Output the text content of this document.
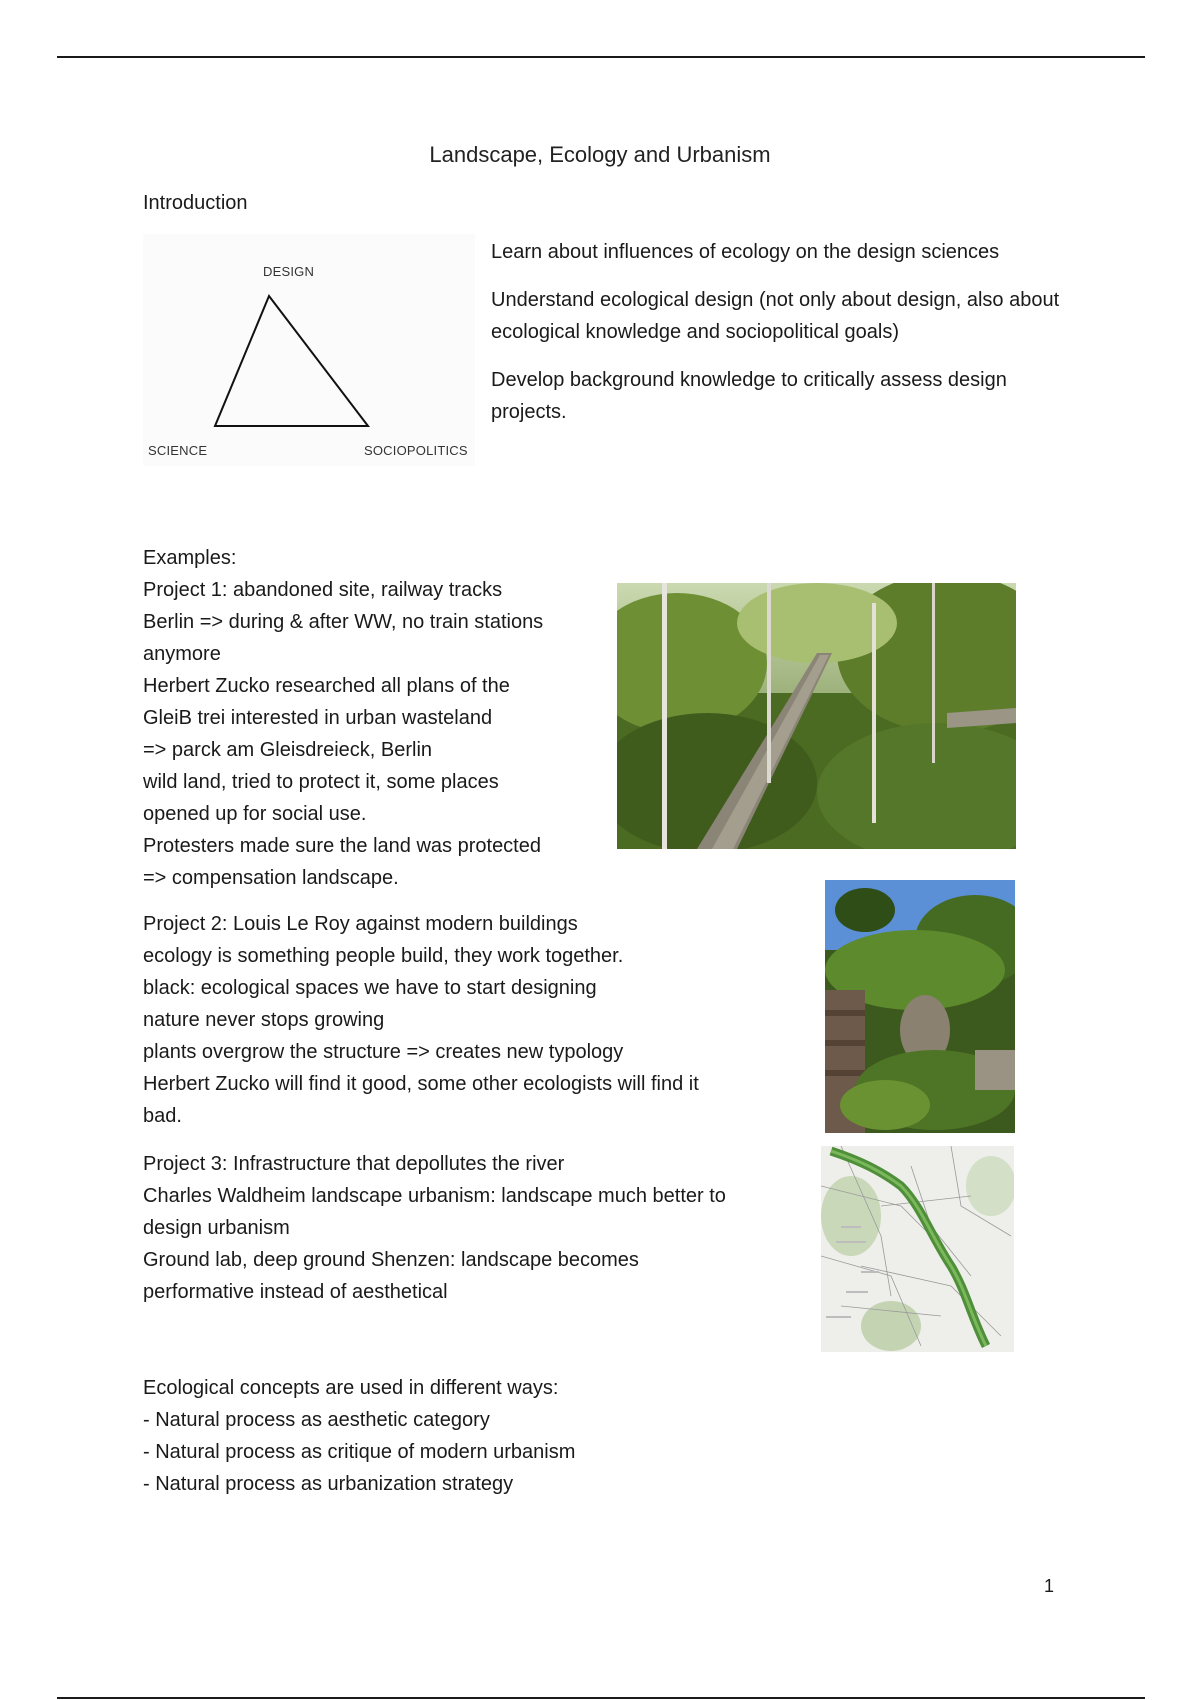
Landscape, Ecology and Urbanism
Introduction
DESIGN
SCIENCE	SOCIOPOLITICS

Learn about influences of ecology on the design sciences

Understand ecological design (not only about design, also about ecological knowledge and sociopolitical goals)

Develop background knowledge to critically assess design projects.

Examples:
Project 1: abandoned site, railway tracks
Berlin => during & after WW, no train stations
anymore
Herbert Zucko researched all plans of the
GleiB trei interested in urban wasteland
=> parck am Gleisdreieck, Berlin
wild land, tried to protect it, some places
opened up for social use.
Protesters made sure the land was protected
=> compensation landscape.
Project 2: Louis Le Roy against modern buildings
ecology is something people build, they work together.
black: ecological spaces we have to start designing
nature never stops growing
plants overgrow the structure => creates new typology
Herbert Zucko will find it good, some other ecologists will find it
bad.
Project 3: Infrastructure that depollutes the river
Charles Waldheim landscape urbanism: landscape much better to
design urbanism
Ground lab, deep ground Shenzen: landscape becomes
performative instead of aesthetical
Ecological concepts are used in different ways:
- Natural process as aesthetic category
- Natural process as critique of modern urbanism
- Natural process as urbanization strategy
1
